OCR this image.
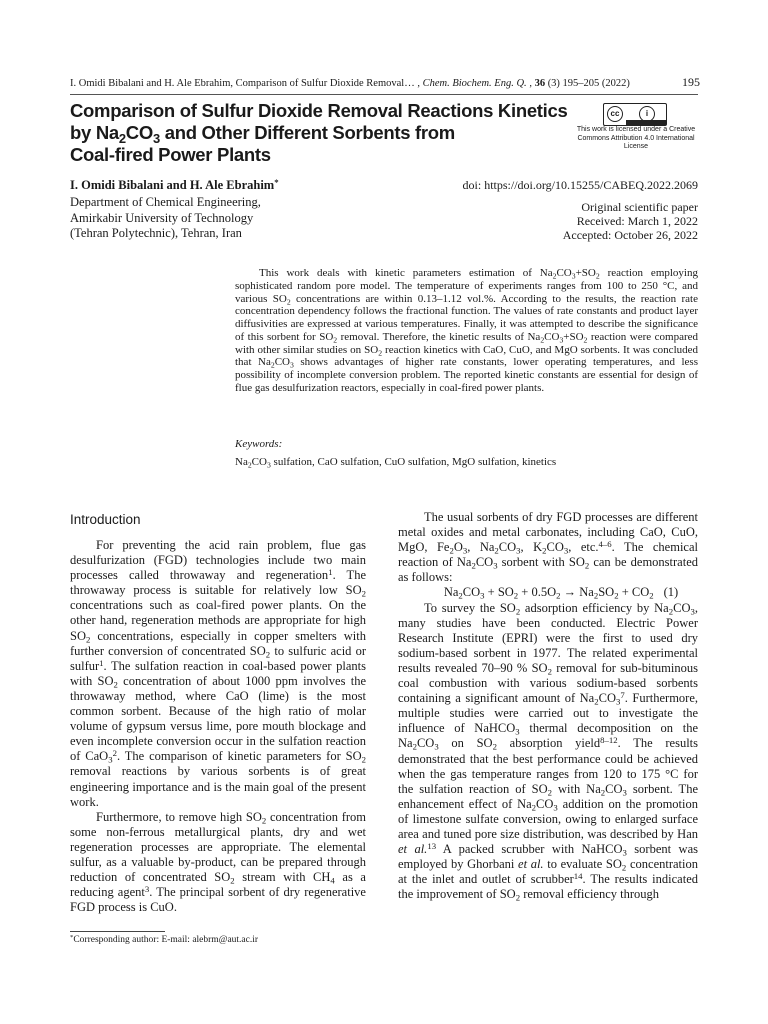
I. Omidi Bibalani and H. Ale Ebrahim, Comparison of Sulfur Dioxide Removal… , Chem. Biochem. Eng. Q. , 36 (3) 195–205 (2022)	195
Comparison of Sulfur Dioxide Removal Reactions Kinetics
by $Na_2CO_3$ and Other Different Sorbents from
Coal-fired Power Plants
cc	i
This work is licensed under a Creative Commons Attribution 4.0 International License
I. Omidi Bibalani and H. Ale Ebrahim*
Department of Chemical Engineering,
Amirkabir University of Technology
(Tehran Polytechnic), Tehran, Iran
doi: https://doi.org/10.15255/CABEQ.2022.2069
Original scientific paper
Received: March 1, 2022
Accepted: October 26, 2022

This work deals with kinetic parameters estimation of $Na_2CO_3+SO_2$ reaction employing sophisticated random pore model. The temperature of experiments ranges from 100 to 250 °C, and various $SO_2$ concentrations are within 0.13–1.12 vol.%. According to the results, the reaction rate concentration dependency follows the fractional function. The values of rate constants and product layer diffusivities are expressed at various temperatures. Finally, it was attempted to describe the significance of this sorbent for $SO_2$ removal. Therefore, the kinetic results of $Na_2CO_3+SO_2$ reaction were compared with other similar studies on $SO_2$ reaction kinetics with CaO, CuO, and MgO sorbents. It was concluded that $Na_2CO_3$ shows advantages of higher rate constants, lower operating temperatures, and less possibility of incomplete conversion problem. The reported kinetic constants are essential for design of flue gas desulfurization reactors, especially in coal-fired power plants.

Keywords:
$Na_2CO_3$ sulfation, CaO sulfation, CuO sulfation, MgO sulfation, kinetics
Introduction

For preventing the acid rain problem, flue gas desulfurization (FGD) technologies include two main processes called throwaway and regeneration$^1$. The throwaway process is suitable for relatively low $SO_2$ concentrations such as coal-fired power plants. On the other hand, regeneration methods are appropriate for high $SO_2$ concentrations, especially in copper smelters with further conversion of concentrated $SO_2$ to sulfuric acid or sulfur$^1$. The sulfation reaction in coal-based power plants with $SO_2$ concentration of about 1000 ppm involves the throwaway method, where CaO (lime) is the most common sorbent. Because of the high ratio of molar volume of gypsum versus lime, pore mouth blockage and even incomplete conversion occur in the sulfation reaction of CaO$_3^2$. The comparison of kinetic parameters for $SO_2$ removal reactions by various sorbents is of great engineering importance and is the main goal of the present work.

Furthermore, to remove high $SO_2$ concentration from some non-ferrous metallurgical plants, dry and wet regeneration processes are appropriate. The elemental sulfur, as a valuable by-product, can be prepared through reduction of concentrated $SO_2$ stream with $CH_4$ as a reducing agent$^3$. The principal sorbent of dry regenerative FGD process is CuO.

The usual sorbents of dry FGD processes are different metal oxides and metal carbonates, including CaO, CuO, MgO, $Fe_2O_3$, $Na_2CO_3$, $K_2CO_3$, etc.$^{4-6}$. The chemical reaction of $Na_2CO_3$ sorbent with $SO_2$ can be demonstrated as follows:

$Na_2CO_3 + SO_2 + 0.5O_2 \to Na_2SO_2 + CO_2$ (1)

To survey the $SO_2$ adsorption efficiency by $Na_2CO_3$, many studies have been conducted. Electric Power Research Institute (EPRI) were the first to used dry sodium-based sorbent in 1977. The related experimental results revealed 70–90 % $SO_2$ removal for sub-bituminous coal combustion with various sodium-based sorbents containing a significant amount of $Na_2CO_3^7$. Furthermore, multiple studies were carried out to investigate the influence of NaHCO$_3$ thermal decomposition on the $Na_2CO_3$ on $SO_2$ absorption yield$^{8-12}$. The results demonstrated that the best performance could be achieved when the gas temperature ranges from 120 to 175 °C for the sulfation reaction of $SO_2$ with $Na_2CO_3$ sorbent. The enhancement effect of $Na_2CO_3$ addition on the promotion of limestone sulfate conversion, owing to enlarged surface area and tuned pore size distribution, was described by Han et al.$^{13}$ A packed scrubber with NaHCO$_3$ sorbent was employed by Ghorbani et al. to evaluate $SO_2$ concentration at the inlet and outlet of scrubber$^{14}$. The results indicated the improvement of $SO_2$ removal efficiency through

*Corresponding author: E-mail: alebrm@aut.ac.ir
